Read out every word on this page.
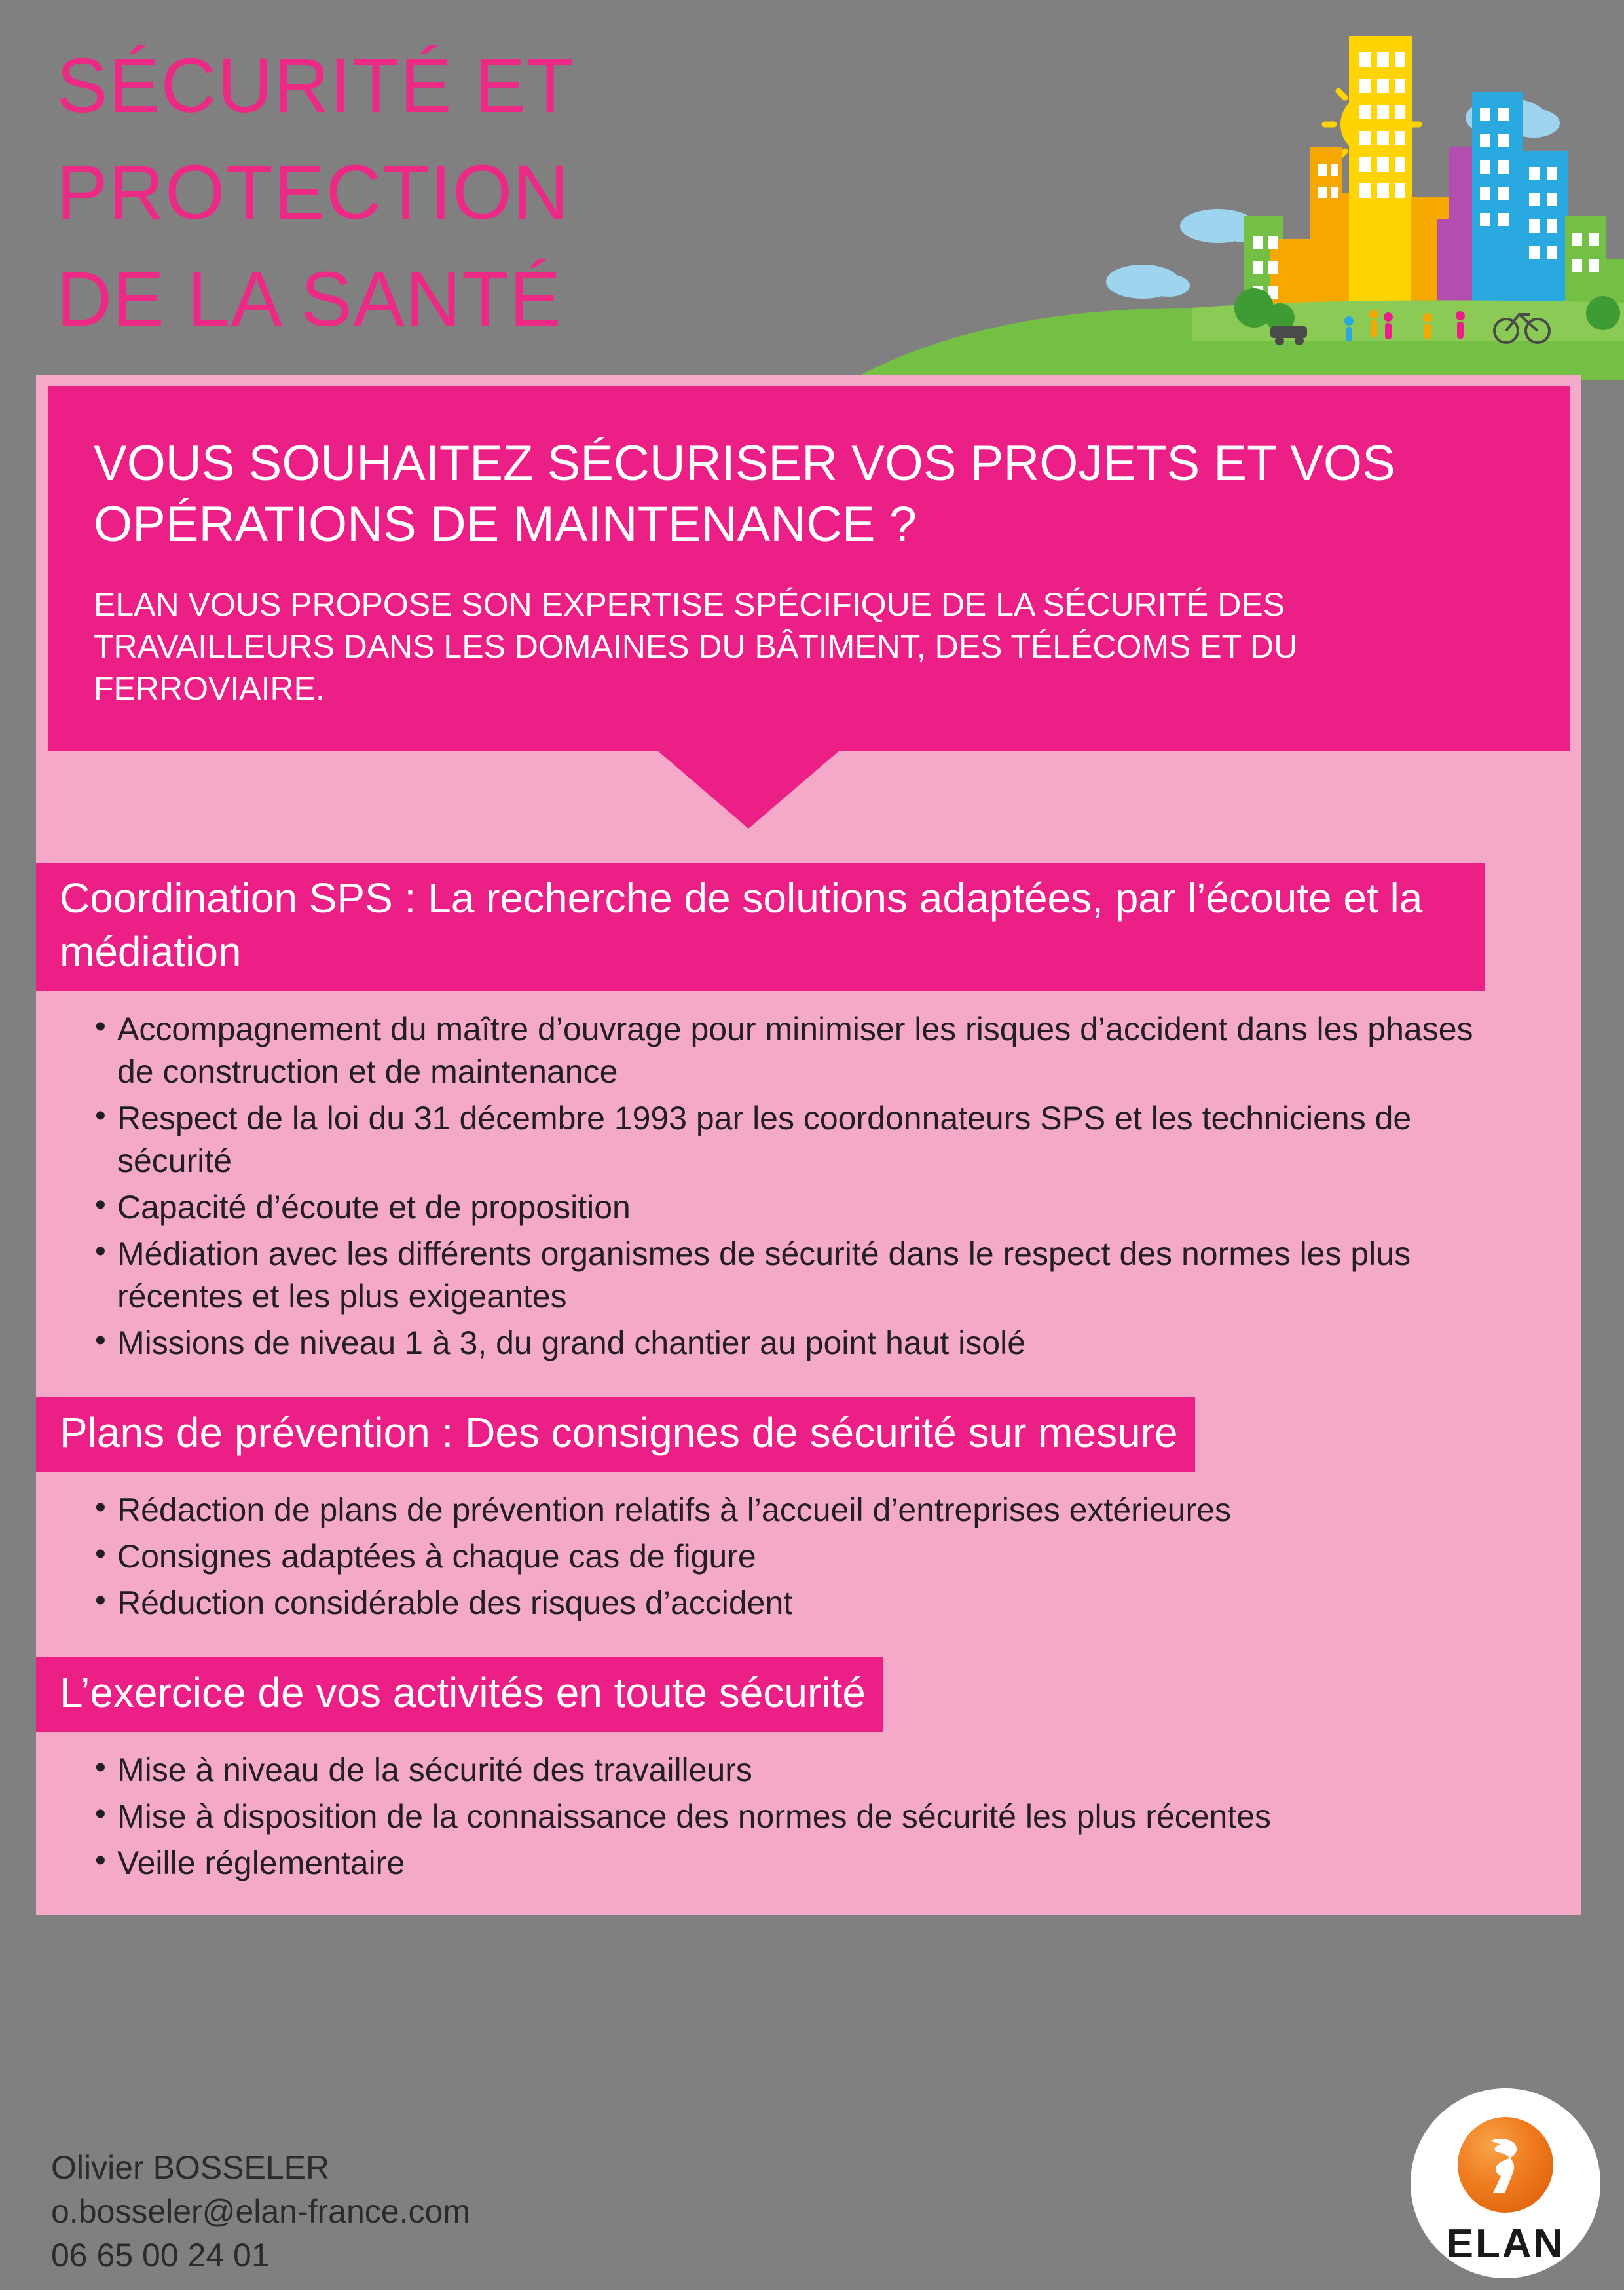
SÉCURITÉ ET
PROTECTION
DE LA SANTÉ
VOUS SOUHAITEZ SÉCURISER VOS PROJETS ET VOS OPÉRATIONS DE MAINTENANCE ?

ELAN VOUS PROPOSE SON EXPERTISE SPÉCIFIQUE DE LA SÉCURITÉ DES TRAVAILLEURS DANS LES DOMAINES DU BÂTIMENT, DES TÉLÉCOMS ET DU FERROVIAIRE.

Coordination SPS : La recherche de solutions adaptées, par l’écoute et la médiation
• Accompagnement du maître d’ouvrage pour minimiser les risques d’accident dans les phases de construction et de maintenance
• Respect de la loi du 31 décembre 1993 par les coordonnateurs SPS et les techniciens de sécurité
• Capacité d’écoute et de proposition
• Médiation avec les différents organismes de sécurité dans le respect des normes les plus récentes et les plus exigeantes
• Missions de niveau 1 à 3, du grand chantier au point haut isolé
Plans de prévention : Des consignes de sécurité sur mesure
• Rédaction de plans de prévention relatifs à l’accueil d’entreprises extérieures
• Consignes adaptées à chaque cas de figure
• Réduction considérable des risques d’accident
L’exercice de vos activités en toute sécurité
• Mise à niveau de la sécurité des travailleurs
• Mise à disposition de la connaissance des normes de sécurité les plus récentes
• Veille réglementaire
Olivier BOSSELER
o.bosseler@elan-france.com
06 65 00 24 01	ELAN
